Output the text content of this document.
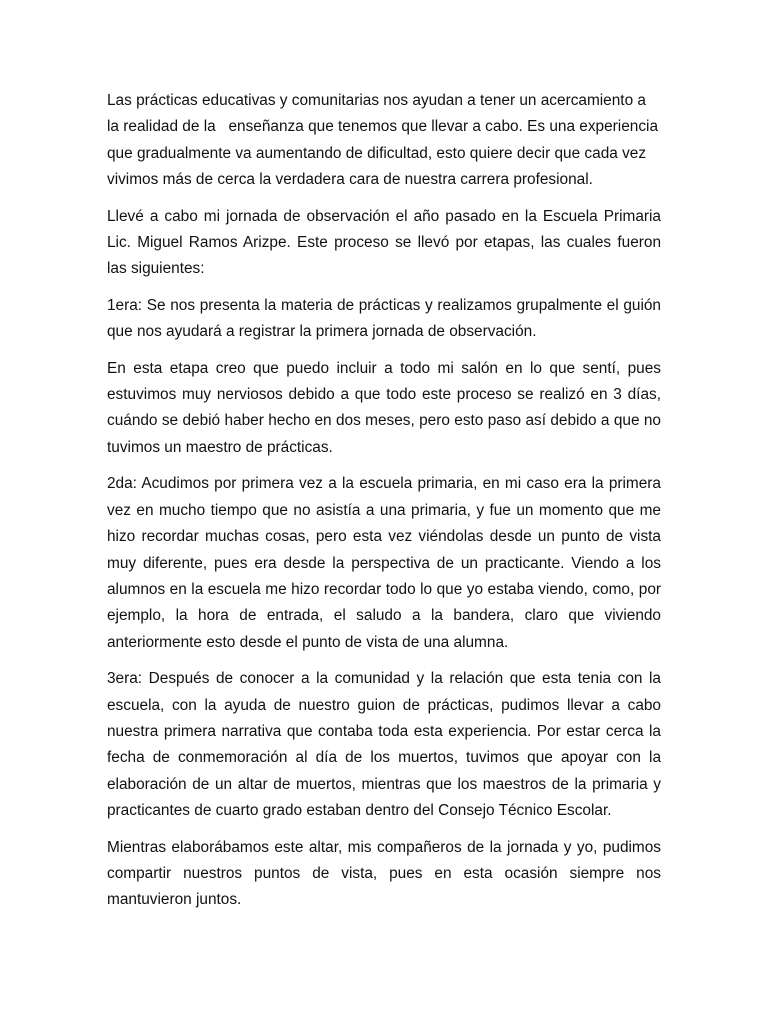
Las prácticas educativas y comunitarias nos ayudan a tener un acercamiento a la realidad de la   enseñanza que tenemos que llevar a cabo. Es una experiencia que gradualmente va aumentando de dificultad, esto quiere decir que cada vez vivimos más de cerca la verdadera cara de nuestra carrera profesional.

Llevé a cabo mi jornada de observación el año pasado en la Escuela Primaria Lic. Miguel Ramos Arizpe. Este proceso se llevó por etapas, las cuales fueron las siguientes:

1era: Se nos presenta la materia de prácticas y realizamos grupalmente el guión que nos ayudará a registrar la primera jornada de observación.

En esta etapa creo que puedo incluir a todo mi salón en lo que sentí, pues estuvimos muy nerviosos debido a que todo este proceso se realizó en 3 días, cuándo se debió haber hecho en dos meses, pero esto paso así debido a que no tuvimos un maestro de prácticas.

2da: Acudimos por primera vez a la escuela primaria, en mi caso era la primera vez en mucho tiempo que no asistía a una primaria, y fue un momento que me hizo recordar muchas cosas, pero esta vez viéndolas desde un punto de vista muy diferente, pues era desde la perspectiva de un practicante. Viendo a los alumnos en la escuela me hizo recordar todo lo que yo estaba viendo, como, por ejemplo, la hora de entrada, el saludo a la bandera, claro que viviendo anteriormente esto desde el punto de vista de una alumna.

3era: Después de conocer a la comunidad y la relación que esta tenia con la escuela, con la ayuda de nuestro guion de prácticas, pudimos llevar a cabo nuestra primera narrativa que contaba toda esta experiencia. Por estar cerca la fecha de conmemoración al día de los muertos, tuvimos que apoyar con la elaboración de un altar de muertos, mientras que los maestros de la primaria y practicantes de cuarto grado estaban dentro del Consejo Técnico Escolar.

Mientras elaborábamos este altar, mis compañeros de la jornada y yo, pudimos compartir nuestros puntos de vista, pues en esta ocasión siempre nos mantuvieron juntos.
